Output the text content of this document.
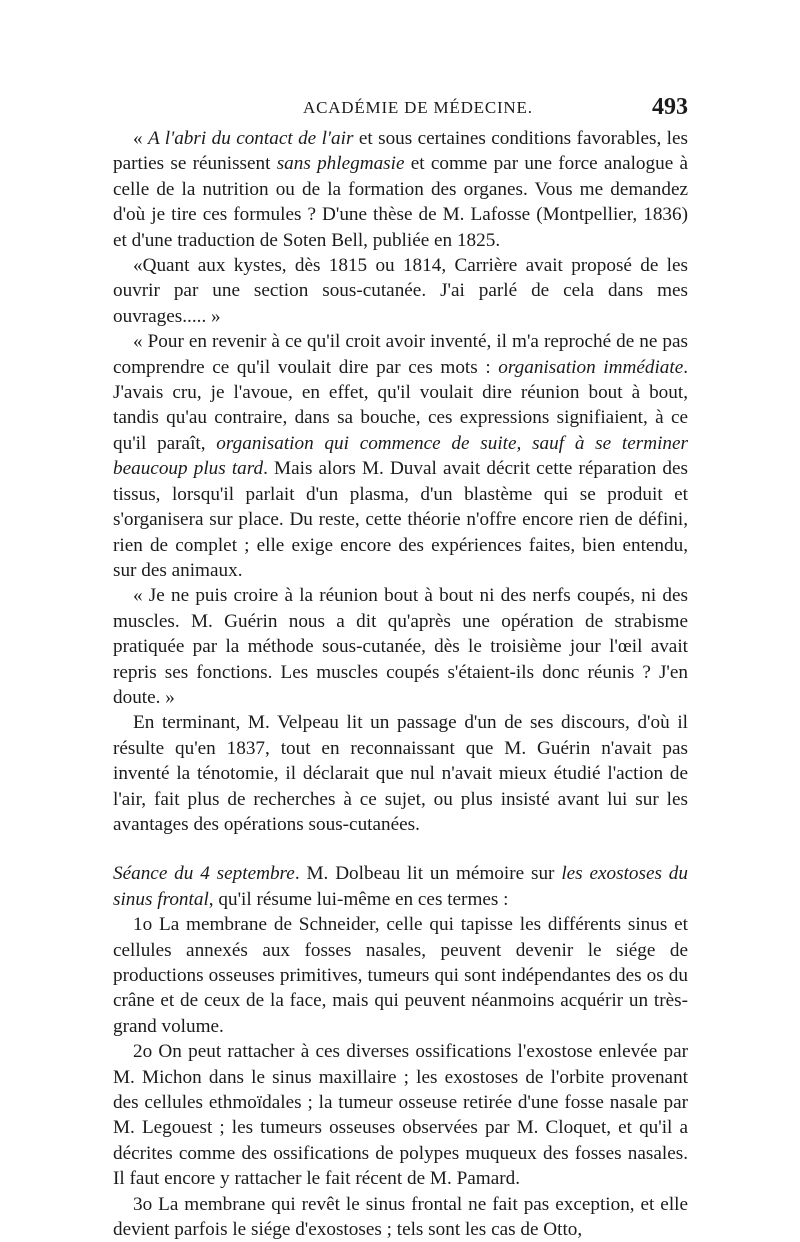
ACADÉMIE DE MÉDECINE.	493

« A l'abri du contact de l'air et sous certaines conditions favorables, les parties se réunissent sans phlegmasie et comme par une force analogue à celle de la nutrition ou de la formation des organes. Vous me demandez d'où je tire ces formules ? D'une thèse de M. Lafosse (Montpellier, 1836) et d'une traduction de Soten Bell, publiée en 1825.

«Quant aux kystes, dès 1815 ou 1814, Carrière avait proposé de les ouvrir par une section sous-cutanée. J'ai parlé de cela dans mes ouvrages..... »

« Pour en revenir à ce qu'il croit avoir inventé, il m'a reproché de ne pas comprendre ce qu'il voulait dire par ces mots : organisation immédiate. J'avais cru, je l'avoue, en effet, qu'il voulait dire réunion bout à bout, tandis qu'au contraire, dans sa bouche, ces expressions signifiaient, à ce qu'il paraît, organisation qui commence de suite, sauf à se terminer beaucoup plus tard. Mais alors M. Duval avait décrit cette réparation des tissus, lorsqu'il parlait d'un plasma, d'un blastème qui se produit et s'organisera sur place. Du reste, cette théorie n'offre encore rien de défini, rien de complet ; elle exige encore des expériences faites, bien entendu, sur des animaux.

« Je ne puis croire à la réunion bout à bout ni des nerfs coupés, ni des muscles. M. Guérin nous a dit qu'après une opération de strabisme pratiquée par la méthode sous-cutanée, dès le troisième jour l'œil avait repris ses fonctions. Les muscles coupés s'étaient-ils donc réunis ? J'en doute. »

En terminant, M. Velpeau lit un passage d'un de ses discours, d'où il résulte qu'en 1837, tout en reconnaissant que M. Guérin n'avait pas inventé la ténotomie, il déclarait que nul n'avait mieux étudié l'action de l'air, fait plus de recherches à ce sujet, ou plus insisté avant lui sur les avantages des opérations sous-cutanées.

Séance du 4 septembre. M. Dolbeau lit un mémoire sur les exostoses du sinus frontal, qu'il résume lui-même en ces termes :

1o La membrane de Schneider, celle qui tapisse les différents sinus et cellules annexés aux fosses nasales, peuvent devenir le siége de productions osseuses primitives, tumeurs qui sont indépendantes des os du crâne et de ceux de la face, mais qui peuvent néanmoins acquérir un très-grand volume.

2o On peut rattacher à ces diverses ossifications l'exostose enlevée par M. Michon dans le sinus maxillaire ; les exostoses de l'orbite provenant des cellules ethmoïdales ; la tumeur osseuse retirée d'une fosse nasale par M. Legouest ; les tumeurs osseuses observées par M. Cloquet, et qu'il a décrites comme des ossifications de polypes muqueux des fosses nasales. Il faut encore y rattacher le fait récent de M. Pamard.

3o La membrane qui revêt le sinus frontal ne fait pas exception, et elle devient parfois le siége d'exostoses ; tels sont les cas de Otto,
